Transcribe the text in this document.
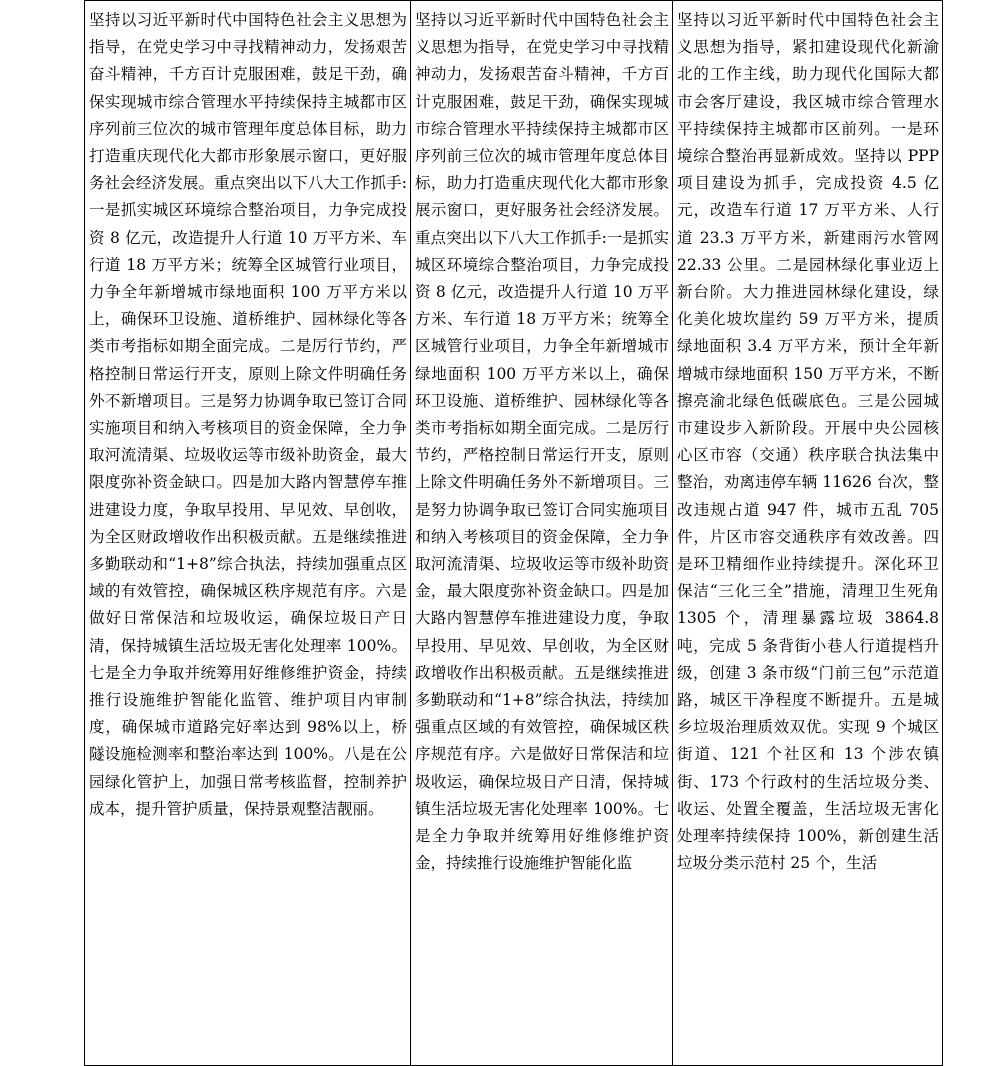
坚持以习近平新时代中国特色社会主义思想为指导，在党史学习中寻找精神动力，发扬艰苦奋斗精神，千方百计克服困难，鼓足干劲，确保实现城市综合管理水平持续保持主城都市区序列前三位次的城市管理年度总体目标，助力打造重庆现代化大都市形象展示窗口，更好服务社会经济发展。重点突出以下八大工作抓手:一是抓实城区环境综合整治项目，力争完成投资 8 亿元，改造提升人行道 10 万平方米、车行道 18 万平方米；统筹全区城管行业项目，力争全年新增城市绿地面积 100 万平方米以上，确保环卫设施、道桥维护、园林绿化等各类市考指标如期全面完成。二是厉行节约，严格控制日常运行开支，原则上除文件明确任务外不新增项目。三是努力协调争取已签订合同实施项目和纳入考核项目的资金保障，全力争取河流清渠、垃圾收运等市级补助资金，最大限度弥补资金缺口。四是加大路内智慧停车推进建设力度，争取早投用、早见效、早创收，为全区财政增收作出积极贡献。五是继续推进多勤联动和“1+8”综合执法，持续加强重点区域的有效管控，确保城区秩序规范有序。六是做好日常保洁和垃圾收运，确保垃圾日产日清，保持城镇生活垃圾无害化处理率 100%。七是全力争取并统筹用好维修维护资金，持续推行设施维护智能化监管、维护项目内审制度，确保城市道路完好率达到 98%以上，桥隧设施检测率和整治率达到 100%。八是在公园绿化管护上，加强日常考核监督，控制养护成本，提升管护质量，保持景观整洁靓丽。

坚持以习近平新时代中国特色社会主义思想为指导，在党史学习中寻找精神动力，发扬艰苦奋斗精神，千方百计克服困难，鼓足干劲，确保实现城市综合管理水平持续保持主城都市区序列前三位次的城市管理年度总体目标，助力打造重庆现代化大都市形象展示窗口，更好服务社会经济发展。重点突出以下八大工作抓手:一是抓实城区环境综合整治项目，力争完成投资 8 亿元，改造提升人行道 10 万平方米、车行道 18 万平方米；统筹全区城管行业项目，力争全年新增城市绿地面积 100 万平方米以上，确保环卫设施、道桥维护、园林绿化等各类市考指标如期全面完成。二是厉行节约，严格控制日常运行开支，原则上除文件明确任务外不新增项目。三是努力协调争取已签订合同实施项目和纳入考核项目的资金保障，全力争取河流清渠、垃圾收运等市级补助资金，最大限度弥补资金缺口。四是加大路内智慧停车推进建设力度，争取早投用、早见效、早创收，为全区财政增收作出积极贡献。五是继续推进多勤联动和“1+8”综合执法，持续加强重点区域的有效管控，确保城区秩序规范有序。六是做好日常保洁和垃圾收运，确保垃圾日产日清，保持城镇生活垃圾无害化处理率 100%。七是全力争取并统筹用好维修维护资金，持续推行设施维护智能化监

坚持以习近平新时代中国特色社会主义思想为指导，紧扣建设现代化新渝北的工作主线，助力现代化国际大都市会客厅建设，我区城市综合管理水平持续保持主城都市区前列。一是环境综合整治再显新成效。坚持以 PPP 项目建设为抓手，完成投资 4.5 亿元，改造车行道 17 万平方米、人行道 23.3 万平方米，新建雨污水管网 22.33 公里。二是园林绿化事业迈上新台阶。大力推进园林绿化建设，绿化美化坡坎崖约 59 万平方米，提质绿地面积 3.4 万平方米，预计全年新增城市绿地面积 150 万平方米，不断擦亮渝北绿色低碳底色。三是公园城市建设步入新阶段。开展中央公园核心区市容（交通）秩序联合执法集中整治，劝离违停车辆 11626 台次，整改违规占道 947 件，城市五乱 705 件，片区市容交通秩序有效改善。四是环卫精细作业持续提升。深化环卫保洁“三化三全”措施，清理卫生死角 1305 个，清理暴露垃圾 3864.8 吨，完成 5 条背街小巷人行道提档升级，创建 3 条市级“门前三包”示范道路，城区干净程度不断提升。五是城乡垃圾治理质效双优。实现 9 个城区街道、121 个社区和 13 个涉农镇街、173 个行政村的生活垃圾分类、收运、处置全覆盖，生活垃圾无害化处理率持续保持 100%，新创建生活垃圾分类示范村 25 个，生活
